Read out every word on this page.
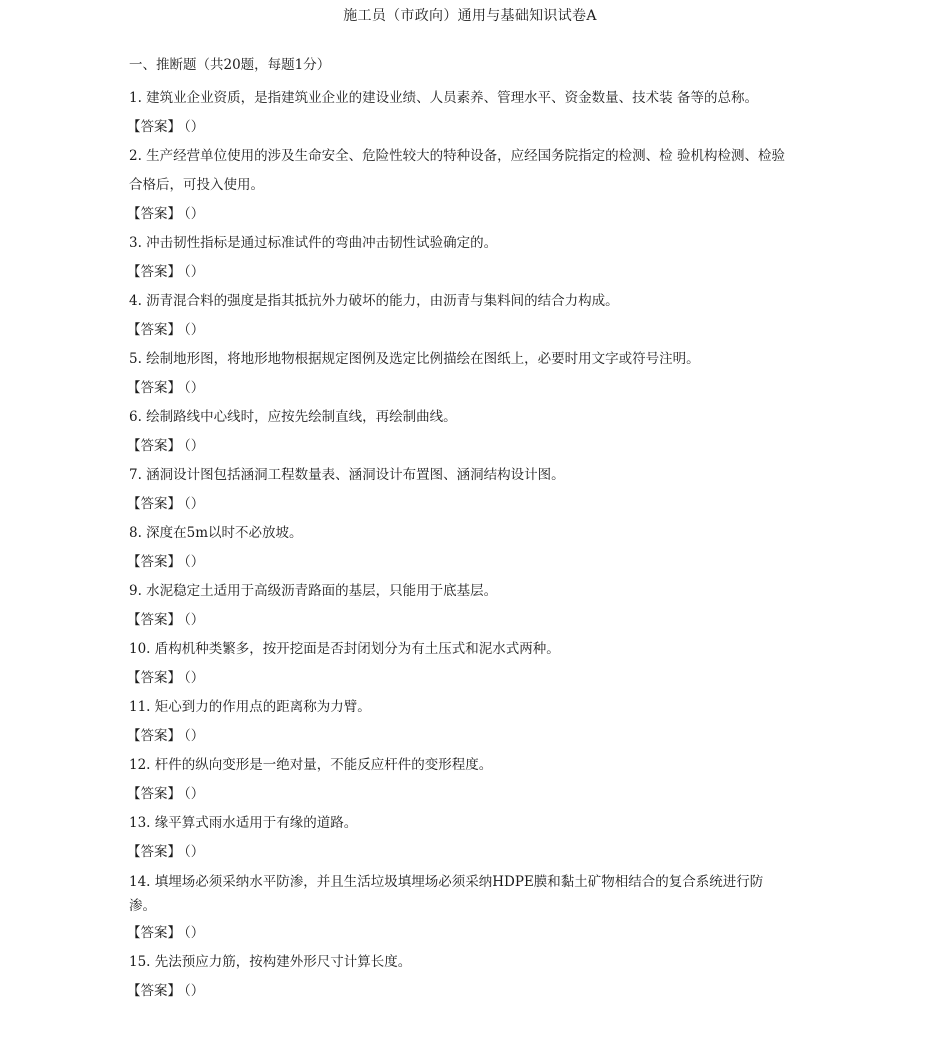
施工员（市政向）通用与基础知识试卷A
一、推断题（共20题，每题1分）
1. 建筑业企业资质，是指建筑业企业的建设业绩、人员素养、管理水平、资金数量、技术装 备等的总称。
【答案】 （）
2. 生产经营单位使用的涉及生命安全、危险性较大的特种设备，应经国务院指定的检测、检 验机构检测、检验合格后，可投入使用。
【答案】 （）
3. 冲击韧性指标是通过标准试件的弯曲冲击韧性试验确定的。
【答案】 （）
4. 沥青混合料的强度是指其抵抗外力破坏的能力，由沥青与集料间的结合力构成。
【答案】 （）
5. 绘制地形图，将地形地物根据规定图例及选定比例描绘在图纸上，必要时用文字或符号注明。
【答案】 （）
6. 绘制路线中心线时，应按先绘制直线，再绘制曲线。
【答案】 （）
7. 涵洞设计图包括涵洞工程数量表、涵洞设计布置图、涵洞结构设计图。
【答案】 （）
8. 深度在5m以时不必放坡。
【答案】 （）
9. 水泥稳定土适用于高级沥青路面的基层，只能用于底基层。
【答案】 （）
10. 盾构机种类繁多，按开挖面是否封闭划分为有土压式和泥水式两种。
【答案】 （）
11. 矩心到力的作用点的距离称为力臂。
【答案】 （）
12. 杆件的纵向变形是一绝对量，不能反应杆件的变形程度。
【答案】 （）
13. 缘平算式雨水适用于有缘的道路。
【答案】 （）
14. 填埋场必须采纳水平防渗，并且生活垃圾填埋场必须采纳HDPE膜和黏土矿物相结合的复合系统进行防渗。
【答案】 （）
15. 先法预应力筋，按构建外形尺寸计算长度。
【答案】 （）
